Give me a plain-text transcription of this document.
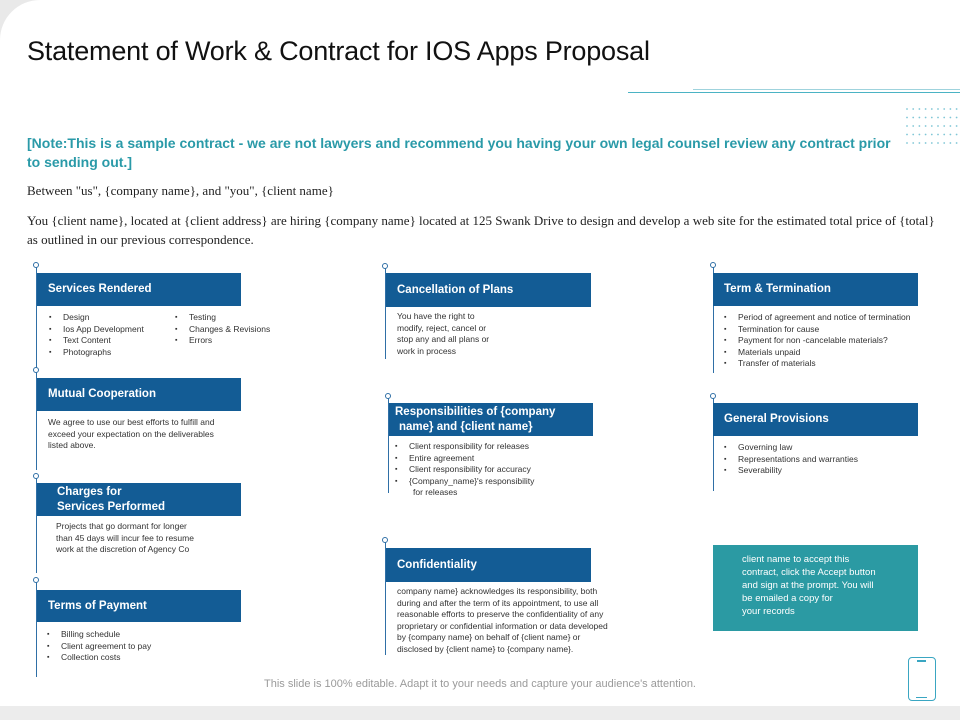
Statement of Work & Contract for IOS Apps Proposal
[Note:This is a sample contract - we are not lawyers and recommend you having your own legal counsel review any contract prior to sending out.]
Between "us", {company name}, and "you", {client name}
You {client name}, located at {client address} are hiring {company name} located at 125 Swank Drive to design and develop a web site for the estimated total price of {total} as outlined in our previous correspondence.
Services Rendered
▪ Design
▪ Ios App Development
▪ Text Content
▪ Photographs
▪ Testing
▪ Changes & Revisions
▪ Errors
Mutual Cooperation
We agree to use our best efforts to fulfill and
exceed your expectation on the deliverables
listed above.
Charges for
Services Performed
Projects that go dormant for longer
than 45 days will incur fee to resume
work at the discretion of Agency Co
Terms of Payment
▪ Billing schedule
▪ Client agreement to pay
▪ Collection costs
Cancellation of Plans
You have the right to
modify, reject, cancel or
stop any and all plans or
work in process
Responsibilities of {company
name} and {client name}
▪ Client responsibility for releases
▪ Entire agreement
▪ Client responsibility for accuracy
▪ {Company_name}'s responsibility
for releases
Confidentiality
company name} acknowledges its responsibility, both
during and after the term of its appointment, to use all
reasonable efforts to preserve the confidentiality of any
proprietary or confidential information or data developed
by {company name} on behalf of {client name} or
disclosed by {client name} to {company name}.
Term & Termination
▪ Period of agreement and notice of termination
▪ Termination for cause
▪ Payment for non -cancelable materials?
▪ Materials unpaid
▪ Transfer of materials
General Provisions
▪ Governing law
▪ Representations and warranties
▪ Severability
client name to accept this
contract, click the Accept button
and sign at the prompt. You will
be emailed a copy for
your records
This slide is 100% editable. Adapt it to your needs and capture your audience's attention.
